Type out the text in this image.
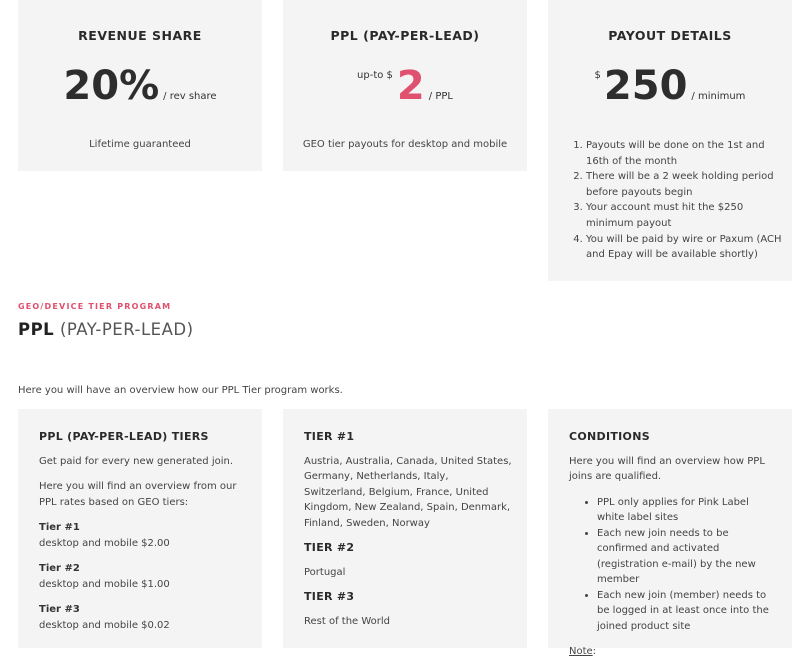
REVENUE SHARE
20% / rev share
Lifetime guaranteed
PPL (PAY-PER-LEAD)
up-to $ 2 / PPL
GEO tier payouts for desktop and mobile
PAYOUT DETAILS
$ 250 / minimum
1. Payouts will be done on the 1st and 16th of the month
2. There will be a 2 week holding period before payouts begin
3. Your account must hit the $250 minimum payout
4. You will be paid by wire or Paxum (ACH and Epay will be available shortly)
GEO/DEVICE TIER PROGRAM
PPL (PAY-PER-LEAD)
Here you will have an overview how our PPL Tier program works.
PPL (PAY-PER-LEAD) TIERS

Get paid for every new generated join.

Here you will find an overview from our PPL rates based on GEO tiers:

Tier #1
desktop and mobile $2.00
Tier #2
desktop and mobile $1.00
Tier #3
desktop and mobile $0.02
TIER #1

Austria, Australia, Canada, United States, Germany, Netherlands, Italy, Switzerland, Belgium, France, United Kingdom, New Zealand, Spain, Denmark, Finland, Sweden, Norway

TIER #2

Portugal

TIER #3

Rest of the World

CONDITIONS

Here you will find an overview how PPL joins are qualified.

• PPL only applies for Pink Label white label sites
• Each new join needs to be confirmed and activated (registration e-mail) by the new member
• Each new join (member) needs to be logged in at least once into the joined product site

Note:
